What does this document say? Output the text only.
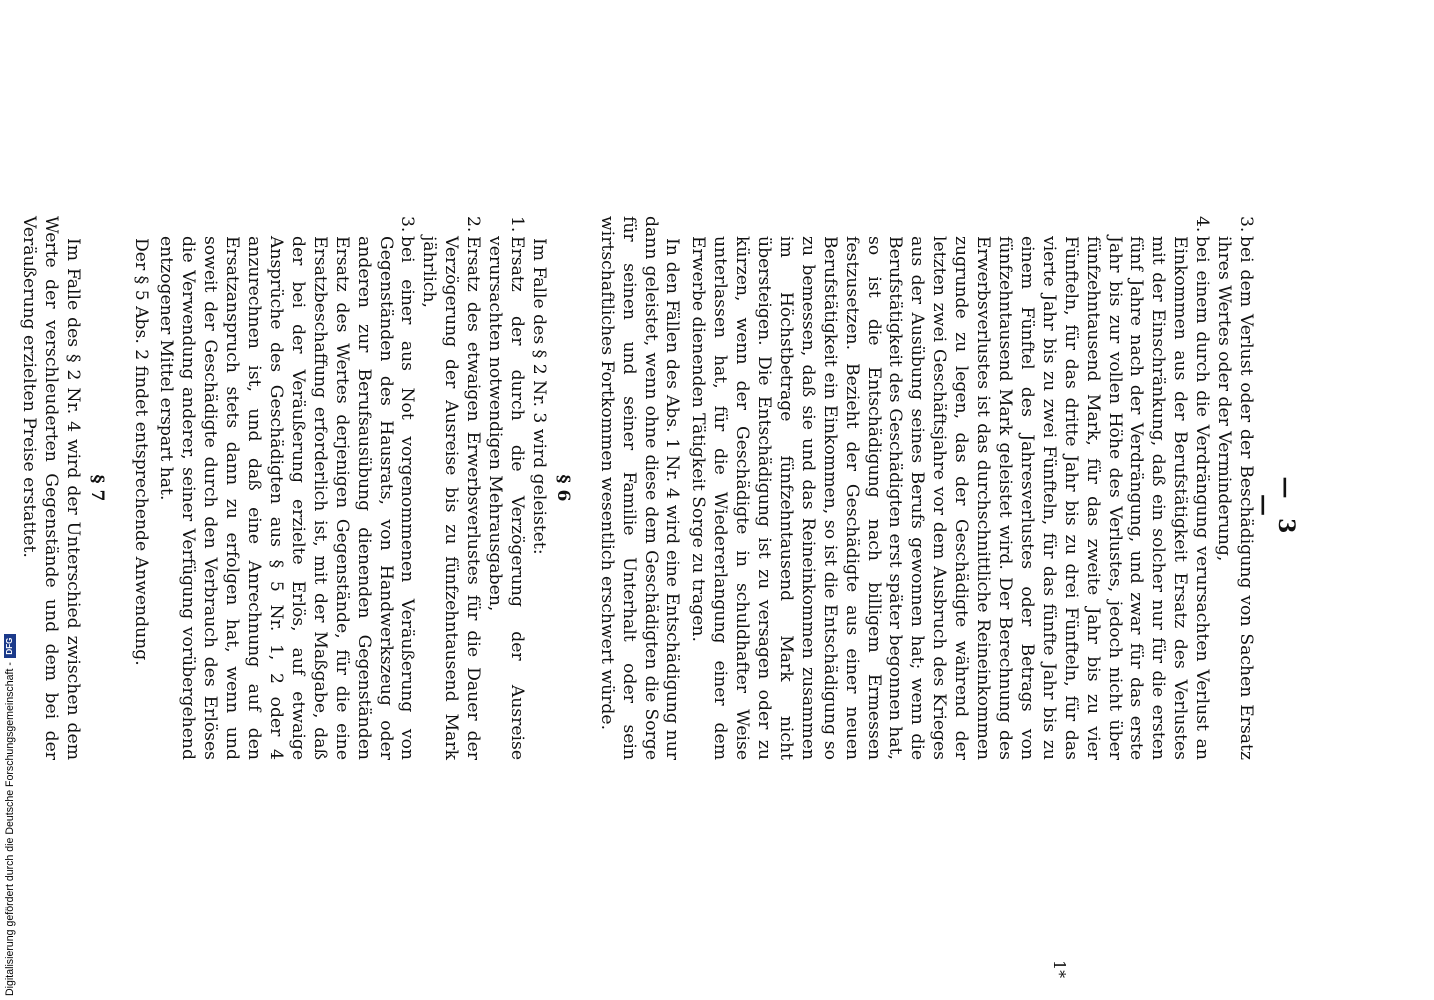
— 3 —
3.
bei dem Verlust oder der Beschädigung von Sachen Ersatz ihres Wertes oder der Verminderung,
4.
bei einem durch die Verdrängung verursachten Verlust an Einkommen aus der Berufstätigkeit Ersatz des Verlustes mit der Einschränkung, daß ein solcher nur für die ersten fünf Jahre nach der Verdrängung, und zwar für das erste Jahr bis zur vollen Höhe des Verlustes, jedoch nicht über fünfzehntausend Mark, für das zweite Jahr bis zu vier Fünfteln, für das dritte Jahr bis zu drei Fünfteln, für das vierte Jahr bis zu zwei Fünfteln, für das fünfte Jahr bis zu einem Fünftel des Jahresverlustes oder Betrags von fünfzehntausend Mark geleistet wird. Der Berechnung des Erwerbsverlustes ist das durchschnittliche Reineinkommen zugrunde zu legen, das der Geschädigte während der letzten zwei Geschäftsjahre vor dem Ausbruch des Krieges aus der Ausübung seines Berufs gewonnen hat; wenn die Berufstätigkeit des Geschädigten erst später begonnen hat, so ist die Entschädigung nach billigem Ermessen festzusetzen. Bezieht der Geschädigte aus einer neuen Berufstätigkeit ein Einkommen, so ist die Entschädigung so zu bemessen, daß sie und das Reineinkommen zusammen im Höchstbetrage fünfzehntausend Mark nicht übersteigen. Die Entschädigung ist zu versagen oder zu kürzen, wenn der Geschädigte in schuldhafter Weise unterlassen hat, für die Wiedererlangung einer dem Erwerbe dienenden Tätigkeit Sorge zu tragen.

In den Fällen des Abs. 1 Nr. 4 wird eine Entschädigung nur dann geleistet, wenn ohne diese dem Geschädigten die Sorge für seinen und seiner Familie Unterhalt oder sein wirtschaftliches Fortkommen wesentlich erschwert würde.

§ 6

Im Falle des § 2 Nr. 3 wird geleistet:

1.
Ersatz der durch die Verzögerung der Ausreise verursachten notwendigen Mehrausgaben,
2.
Ersatz des etwaigen Erwerbsverlustes für die Dauer der Verzögerung der Ausreise bis zu fünfzehntausend Mark jährlich,
3.
bei einer aus Not vorgenommenen Veräußerung von Gegenständen des Hausrats, von Handwerkszeug oder anderen zur Berufsausübung dienenden Gegenständen Ersatz des Wertes derjenigen Gegenstände, für die eine Ersatzbeschaffung erforderlich ist, mit der Maßgabe, daß der bei der Veräußerung erzielte Erlös, auf etwaige Ansprüche des Geschädigten aus § 5 Nr. 1, 2 oder 4 anzurechnen ist, und daß eine Anrechnung auf den Ersatzanspruch stets dann zu erfolgen hat, wenn und soweit der Geschädigte durch den Verbrauch des Erlöses die Verwendung anderer, seiner Verfügung vorübergehend entzogener Mittel erspart hat.

Der § 5 Abs. 2 findet entsprechende Anwendung.

§ 7

Im Falle des § 2 Nr. 4 wird der Unterschied zwischen dem Werte der verschleuderten Gegenstände und dem bei der Veräußerung erzielten Preise erstattet.

1*
Digitalisierung gefördert durch die Deutsche Forschungsgemeinschaft -DFG
